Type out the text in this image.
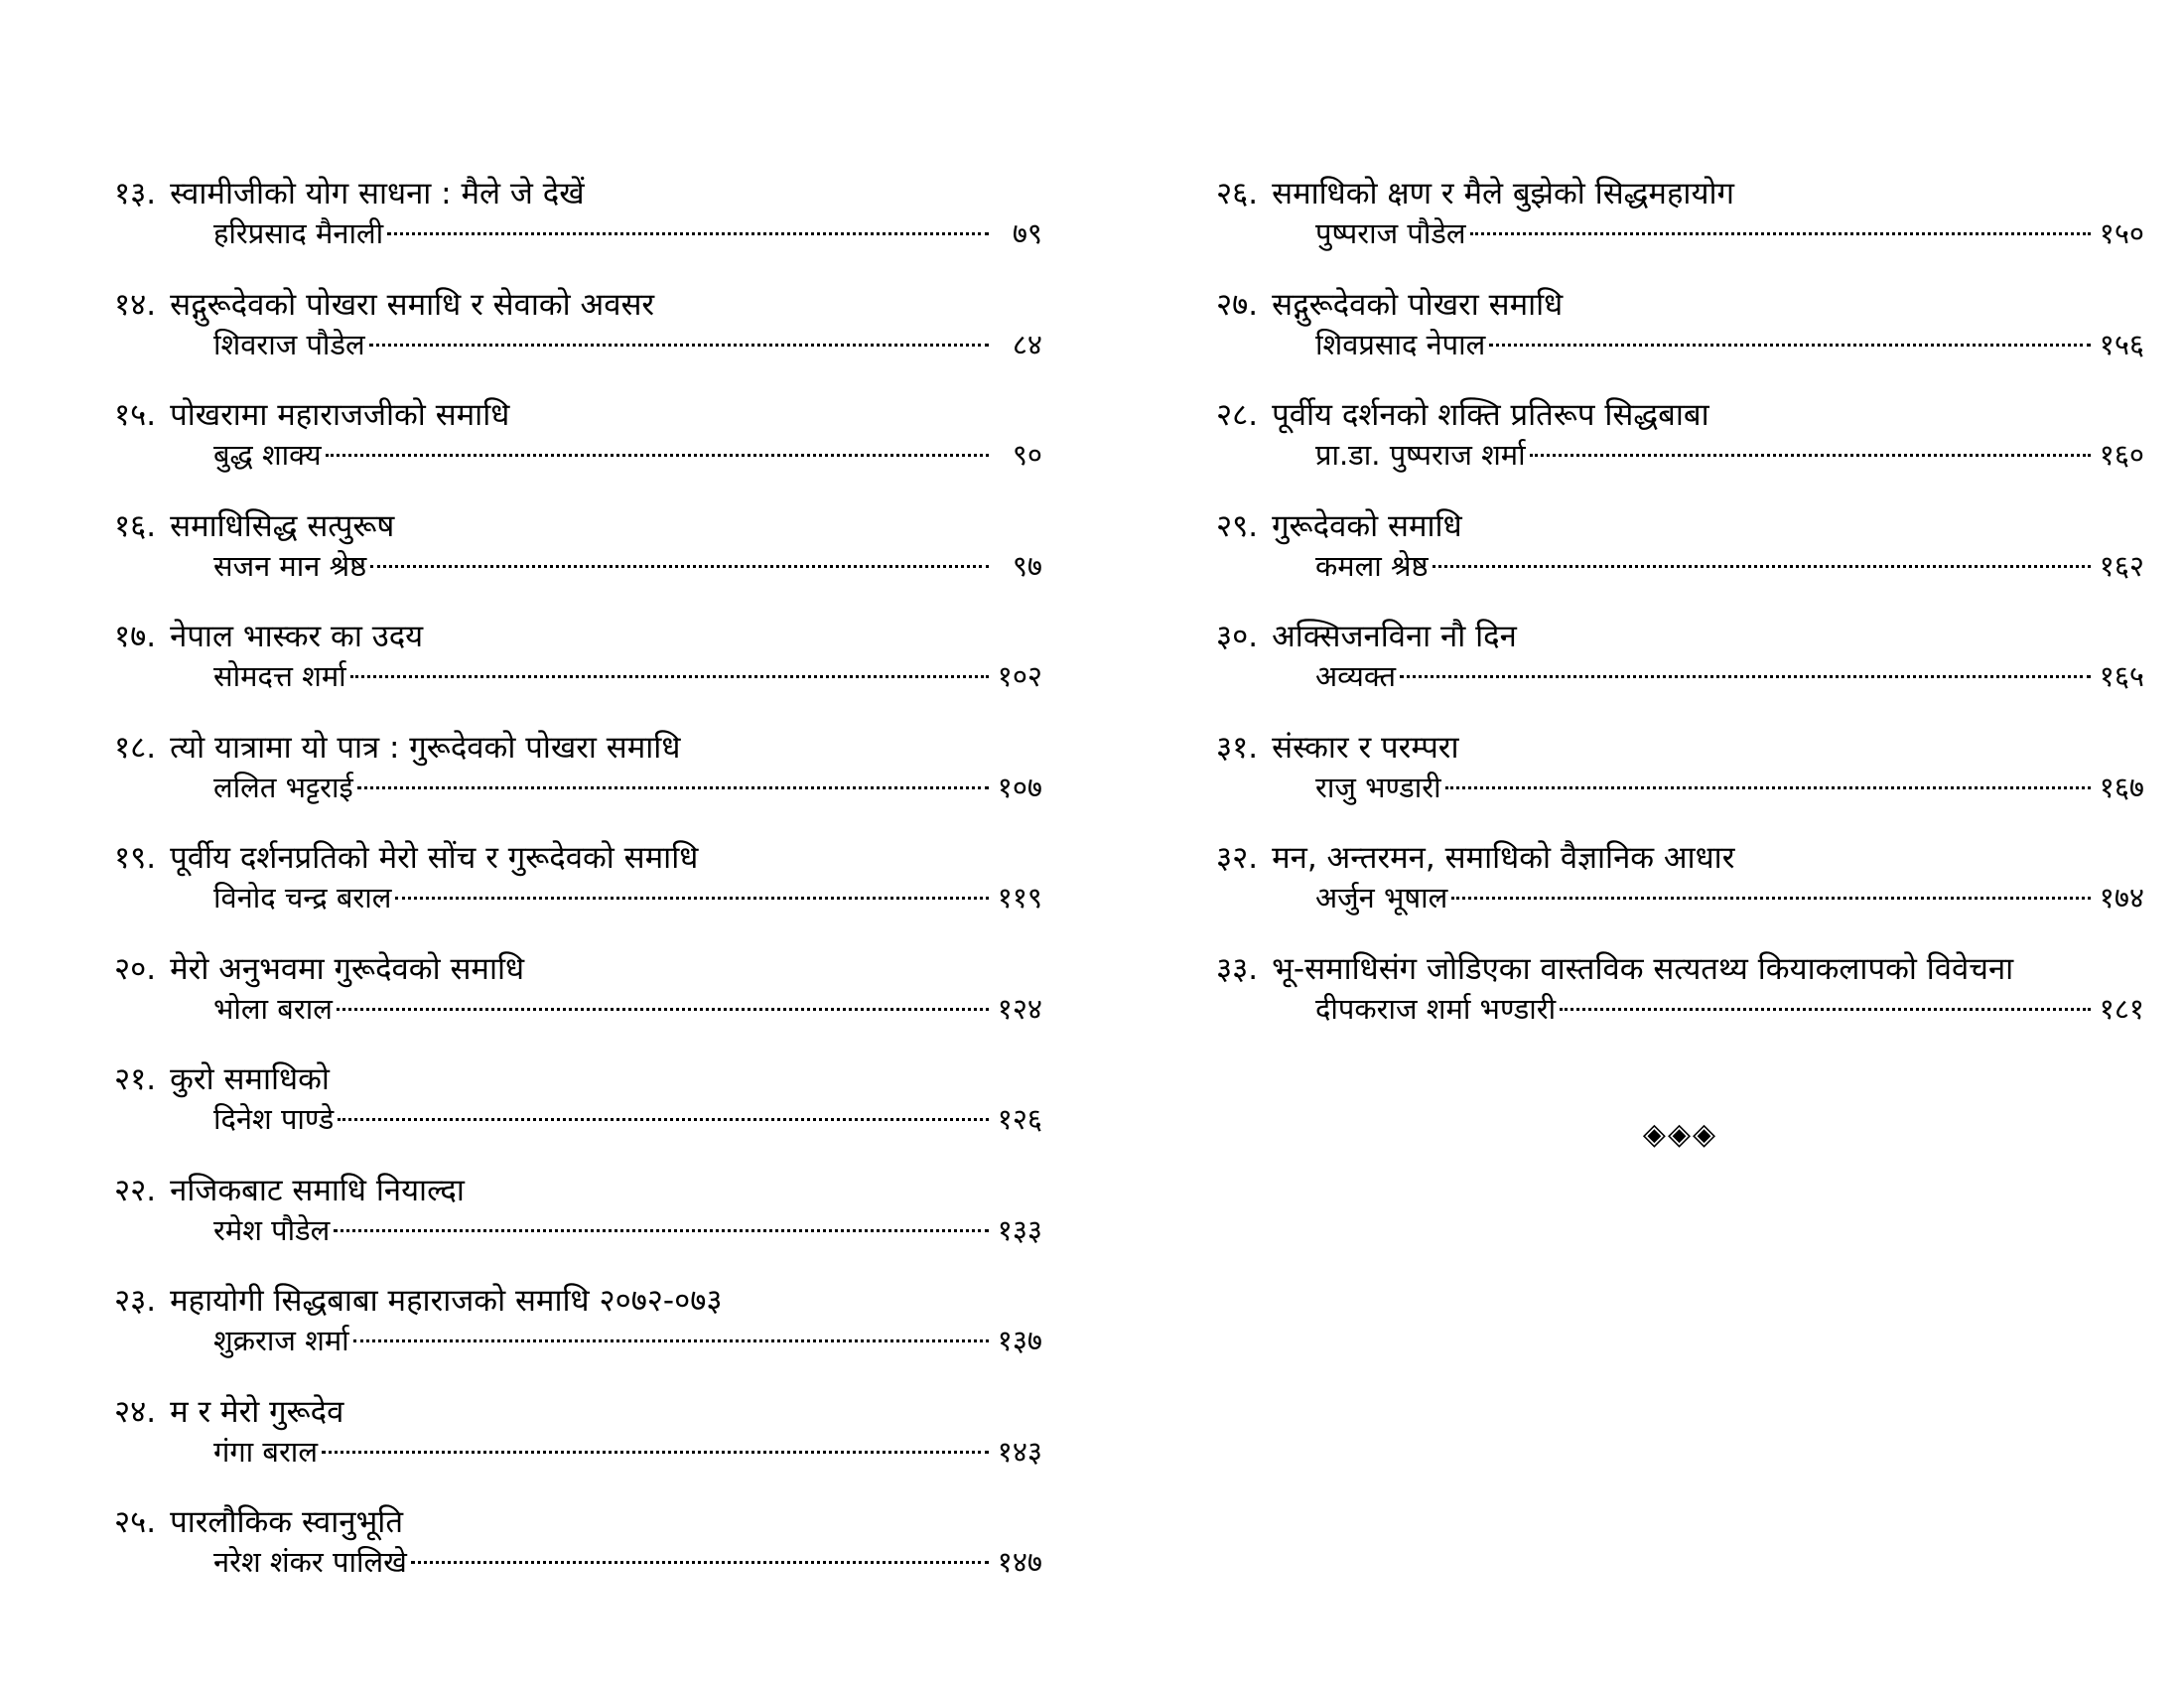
१३. स्वामीजीको योग साधना : मैले जे देखें
हरिप्रसाद मैनाली	७९
१४. सद्गुरूदेवको पोखरा समाधि र सेवाको अवसर
शिवराज पौडेल	८४
१५. पोखरामा महाराजजीको समाधि
बुद्ध शाक्य	९०
१६. समाधिसिद्ध सत्पुरूष
सजन मान श्रेष्ठ	९७
१७. नेपाल भास्कर का उदय
सोमदत्त शर्मा	१०२
१८. त्यो यात्रामा यो पात्र : गुरूदेवको पोखरा समाधि
ललित भट्टराई	१०७
१९. पूर्वीय दर्शनप्रतिको मेरो सोंच र गुरूदेवको समाधि
विनोद चन्द्र बराल	११९
२०. मेरो अनुभवमा गुरूदेवको समाधि
भोला बराल	१२४
२१. कुरो समाधिको
दिनेश पाण्डे	१२६
२२. नजिकबाट समाधि नियाल्दा
रमेश पौडेल	१३३
२३. महायोगी सिद्धबाबा महाराजको समाधि २०७२-०७३
शुक्रराज शर्मा	१३७
२४. म र मेरो गुरूदेव
गंगा बराल	१४३
२५. पारलौकिक स्वानुभूति
नरेश शंकर पालिखे	१४७
२६. समाधिको क्षण र मैले बुझेको सिद्धमहायोग
पुष्पराज पौडेल	१५०
२७. सद्गुरूदेवको पोखरा समाधि
शिवप्रसाद नेपाल	१५६
२८. पूर्वीय दर्शनको शक्ति प्रतिरूप सिद्धबाबा
प्रा.डा. पुष्पराज शर्मा	१६०
२९. गुरूदेवको समाधि
कमला श्रेष्ठ	१६२
३०. अक्सिजनविना नौ दिन
अव्यक्त	१६५
३१. संस्कार र परम्परा
राजु भण्डारी	१६७
३२. मन, अन्तरमन, समाधिको वैज्ञानिक आधार
अर्जुन भूषाल	१७४
३३. भू-समाधिसंग जोडिएका वास्तविक सत्यतथ्य कियाकलापको विवेचना
दीपकराज शर्मा भण्डारी	१८१
◈◈◈
